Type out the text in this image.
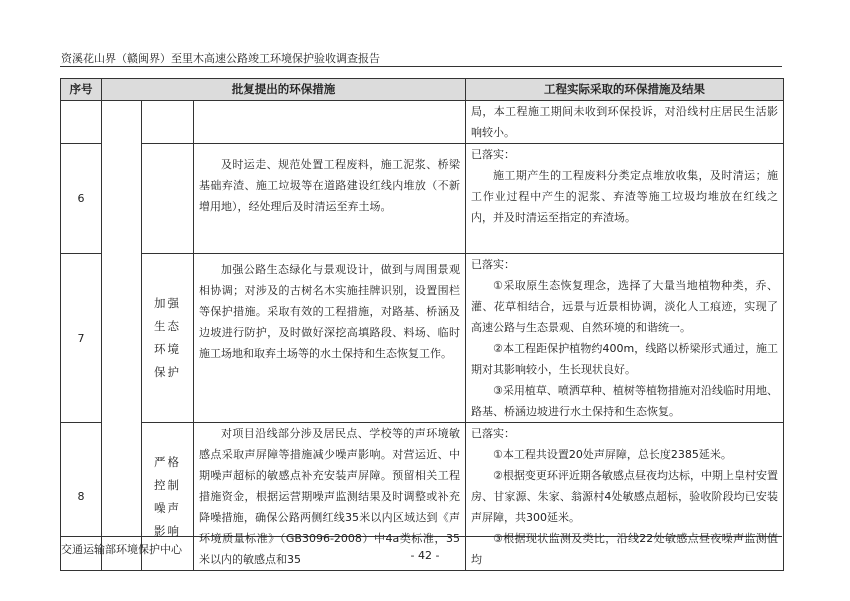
资溪花山界（赣闽界）至里木高速公路竣工环境保护验收调查报告
序号	批复提出的环保措施			工程实际采取的环保措施及结果

				局，本工程施工期间未收到环保投诉，对沿线村庄居民生活影响较小。

6			及时运走、规范处置工程废料，施工泥浆、桥梁基础弃渣、施工垃圾等在道路建设红线内堆放（不新增用地），经处理后及时清运至弃土场。	已落实：
施工期产生的工程废料分类定点堆放收集，及时清运；施工作业过程中产生的泥浆、弃渣等施工垃圾均堆放在红线之内，并及时清运至指定的弃渣场。

7		加强生态环境保护	加强公路生态绿化与景观设计，做到与周围景观相协调；对涉及的古树名木实施挂牌识别，设置围栏等保护措施。采取有效的工程措施，对路基、桥涵及边坡进行防护，及时做好深挖高填路段、料场、临时施工场地和取弃土场等的水土保持和生态恢复工作。	已落实：
①采取原生态恢复理念，选择了大量当地植物种类，乔、灌、花草相结合，远景与近景相协调，淡化人工痕迹，实现了高速公路与生态景观、自然环境的和谐统一。
②本工程距保护植物约400m，线路以桥梁形式通过，施工期对其影响较小，生长现状良好。
③采用植草、喷洒草种、植树等植物措施对沿线临时用地、路基、桥涵边坡进行水土保持和生态恢复。

8		严格控制噪声影响	对项目沿线部分涉及居民点、学校等的声环境敏感点采取声屏障等措施减少噪声影响。对营运近、中期噪声超标的敏感点补充安装声屏障。预留相关工程措施资金，根据运营期噪声监测结果及时调整或补充降噪措施，确保公路两侧红线35米以内区域达到《声环境质量标准》（GB3096-2008）中4a类标准，35米以内的敏感点和35	已落实：
①本工程共设置20处声屏障，总长度2385延米。
②根据变更环评近期各敏感点昼夜均达标，中期上皇村安置房、甘家源、朱家、翁源村4处敏感点超标，验收阶段均已安装声屏障，共300延米。
③根据现状监测及类比，沿线22处敏感点昼夜噪声监测值均
交通运输部环境保护中心	- 42 -
